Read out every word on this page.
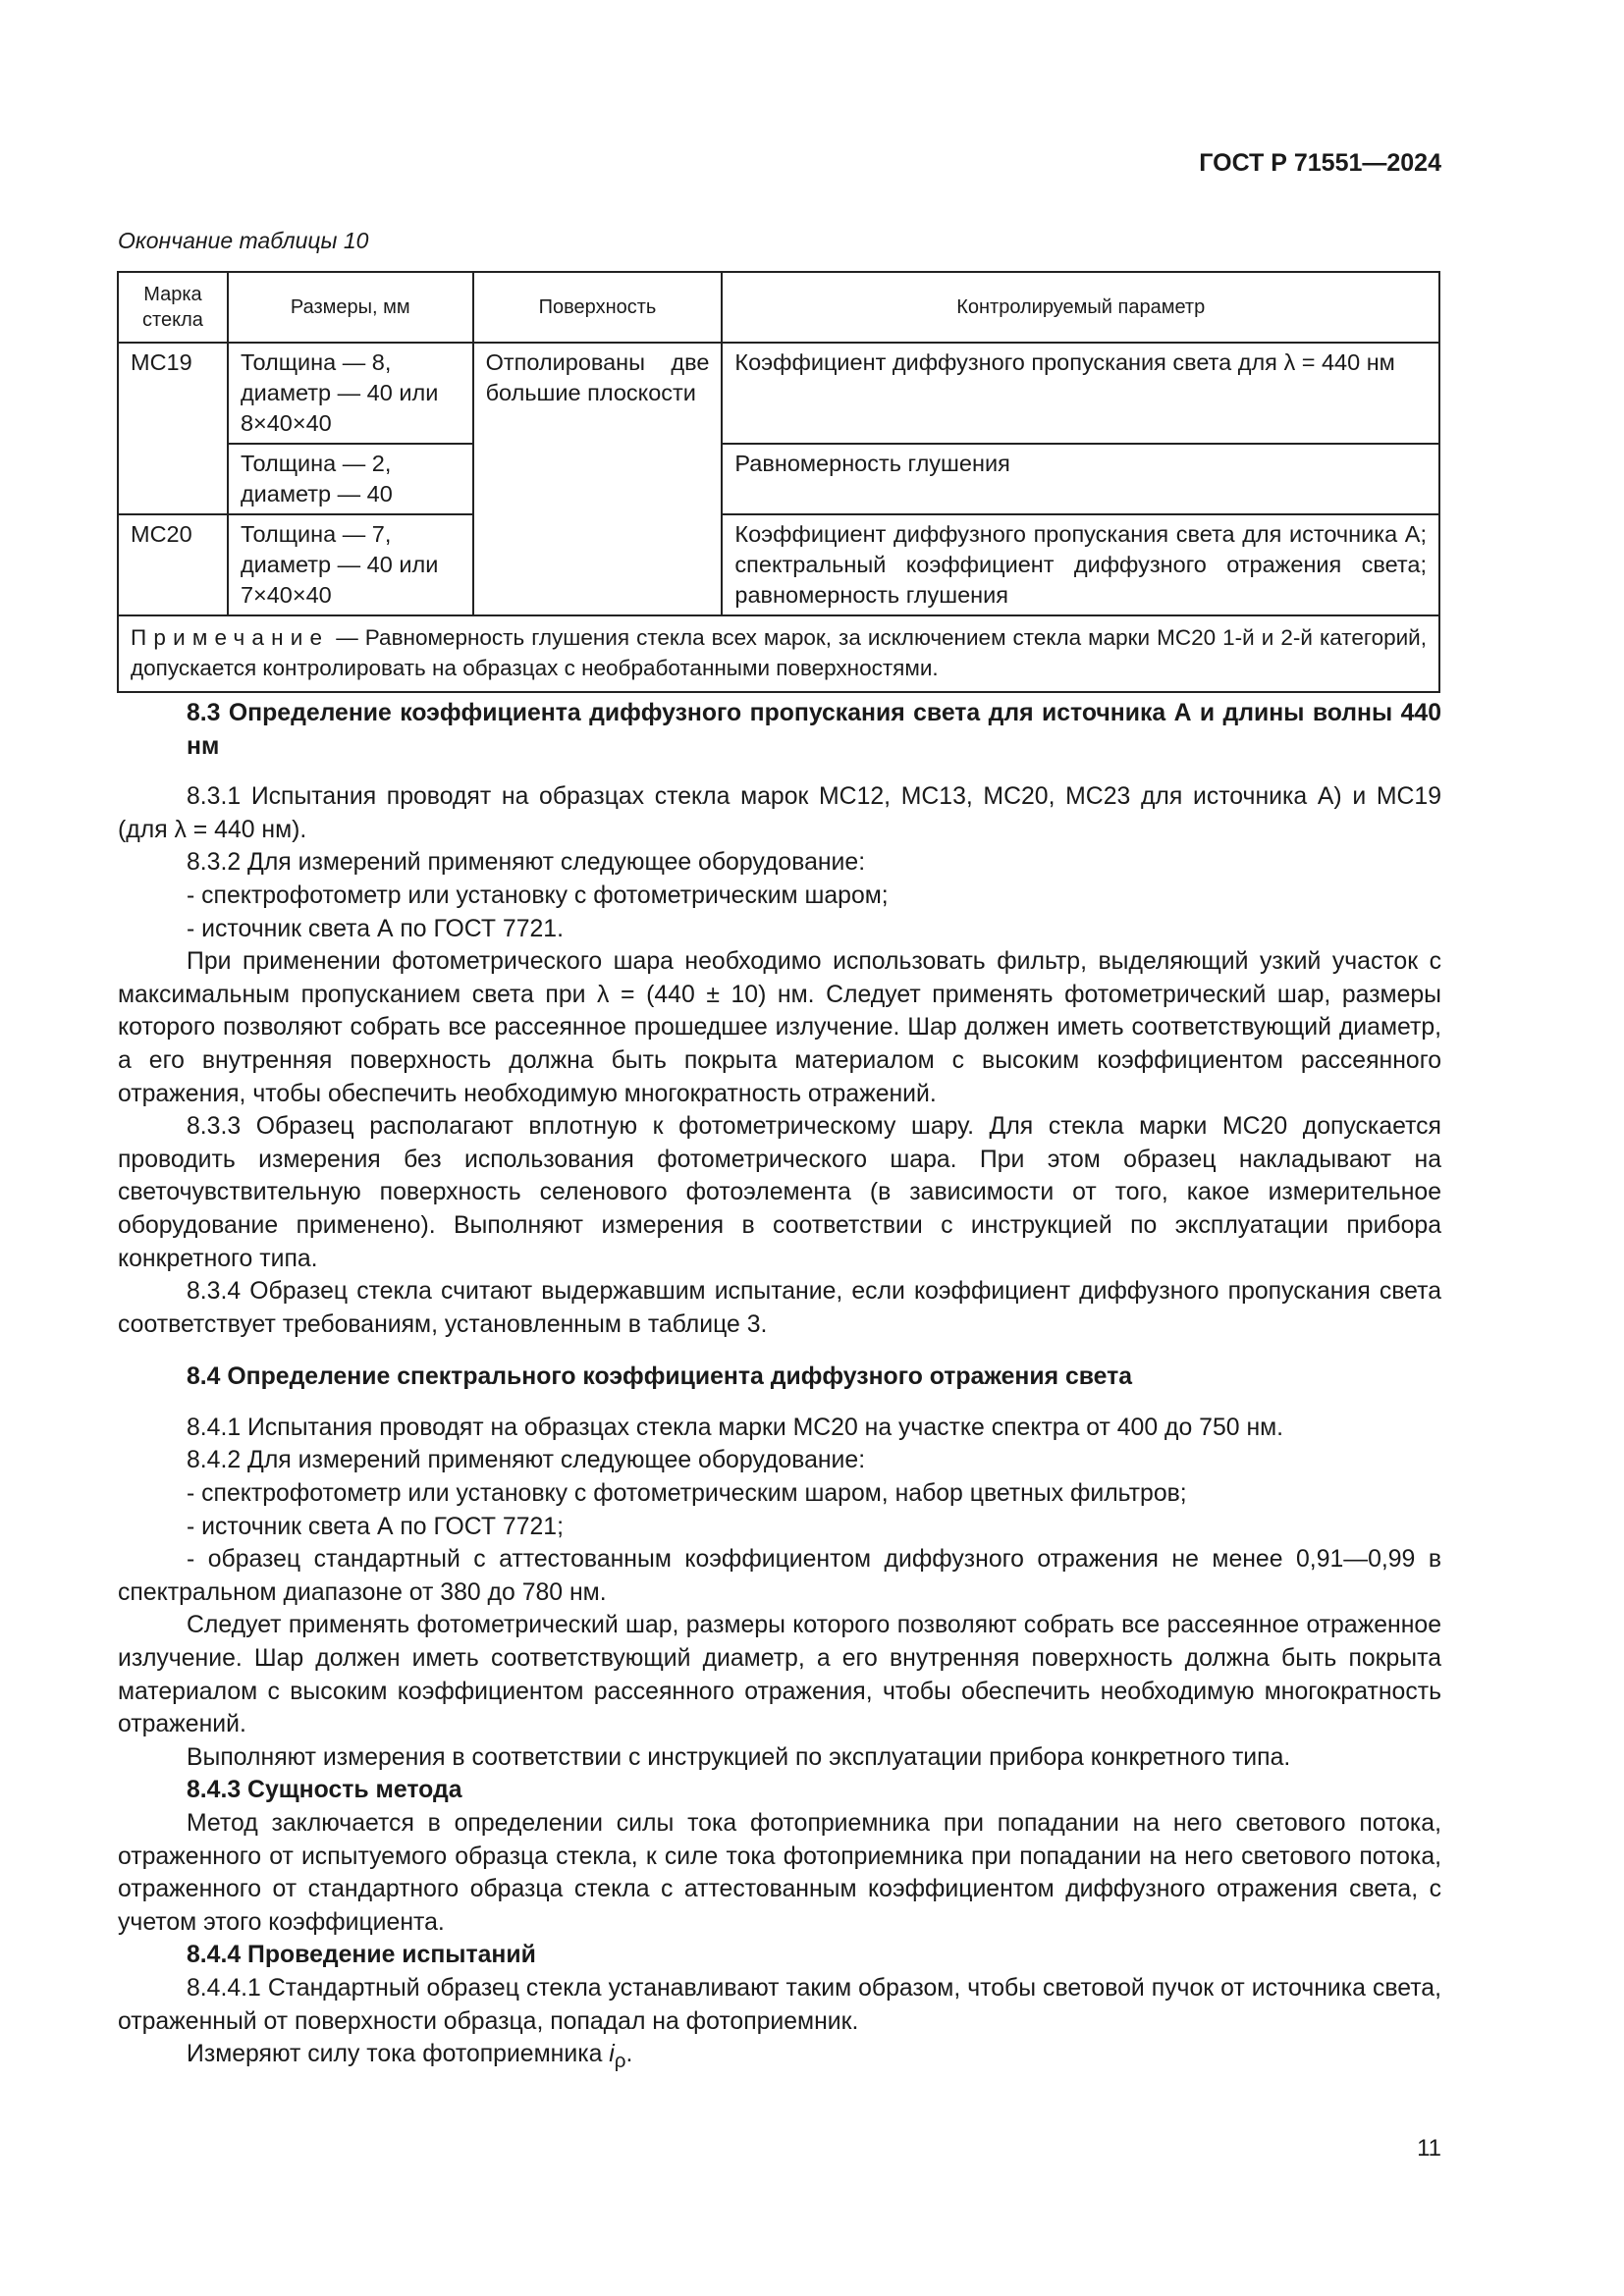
ГОСТ Р 71551—2024
Окончание таблицы 10
Марка стекла	Размеры, мм	Поверхность	Контролируемый параметр
МС19	Толщина — 8, диаметр — 40 или 8×40×40	Отполированы две большие плоскости	Коэффициент диффузного пропускания света для λ = 440 нм
	Толщина — 2, диаметр — 40		Равномерность глушения
МС20	Толщина — 7, диаметр — 40 или 7×40×40		Коэффициент диффузного пропускания света для источника А; спектральный коэффициент диффузного отражения света; равномерность глушения
Примечание — Равномерность глушения стекла всех марок, за исключением стекла марки МС20 1-й и 2-й категорий, допускается контролировать на образцах с необработанными поверхностями.			

8.3 Определение коэффициента диффузного пропускания света для источника А и длины волны 440 нм

8.3.1 Испытания проводят на образцах стекла марок МС12, МС13, МС20, МС23 для источника А) и МС19 (для λ = 440 нм).

8.3.2 Для измерений применяют следующее оборудование:

- спектрофотометр или установку с фотометрическим шаром;

- источник света А по ГОСТ 7721.

При применении фотометрического шара необходимо использовать фильтр, выделяющий узкий участок с максимальным пропусканием света при λ = (440 ± 10) нм. Следует применять фотометрический шар, размеры которого позволяют собрать все рассеянное прошедшее излучение. Шар должен иметь соответствующий диаметр, а его внутренняя поверхность должна быть покрыта материалом с высоким коэффициентом рассеянного отражения, чтобы обеспечить необходимую многократность отражений.

8.3.3 Образец располагают вплотную к фотометрическому шару. Для стекла марки МС20 допускается проводить измерения без использования фотометрического шара. При этом образец накладывают на светочувствительную поверхность селенового фотоэлемента (в зависимости от того, какое измерительное оборудование применено). Выполняют измерения в соответствии с инструкцией по эксплуатации прибора конкретного типа.

8.3.4 Образец стекла считают выдержавшим испытание, если коэффициент диффузного пропускания света соответствует требованиям, установленным в таблице 3.

8.4 Определение спектрального коэффициента диффузного отражения света

8.4.1 Испытания проводят на образцах стекла марки МС20 на участке спектра от 400 до 750 нм.

8.4.2 Для измерений применяют следующее оборудование:

- спектрофотометр или установку с фотометрическим шаром, набор цветных фильтров;

- источник света А по ГОСТ 7721;

- образец стандартный с аттестованным коэффициентом диффузного отражения не менее 0,91—0,99 в спектральном диапазоне от 380 до 780 нм.

Следует применять фотометрический шар, размеры которого позволяют собрать все рассеянное отраженное излучение. Шар должен иметь соответствующий диаметр, а его внутренняя поверхность должна быть покрыта материалом с высоким коэффициентом рассеянного отражения, чтобы обеспечить необходимую многократность отражений.

Выполняют измерения в соответствии с инструкцией по эксплуатации прибора конкретного типа.

8.4.3 Сущность метода

Метод заключается в определении силы тока фотоприемника при попадании на него светового потока, отраженного от испытуемого образца стекла, к силе тока фотоприемника при попадании на него светового потока, отраженного от стандартного образца стекла с аттестованным коэффициентом диффузного отражения света, с учетом этого коэффициента.

8.4.4 Проведение испытаний

8.4.4.1 Стандартный образец стекла устанавливают таким образом, чтобы световой пучок от источника света, отраженный от поверхности образца, попадал на фотоприемник.

Измеряют силу тока фотоприемника $i_\rho$.

11
